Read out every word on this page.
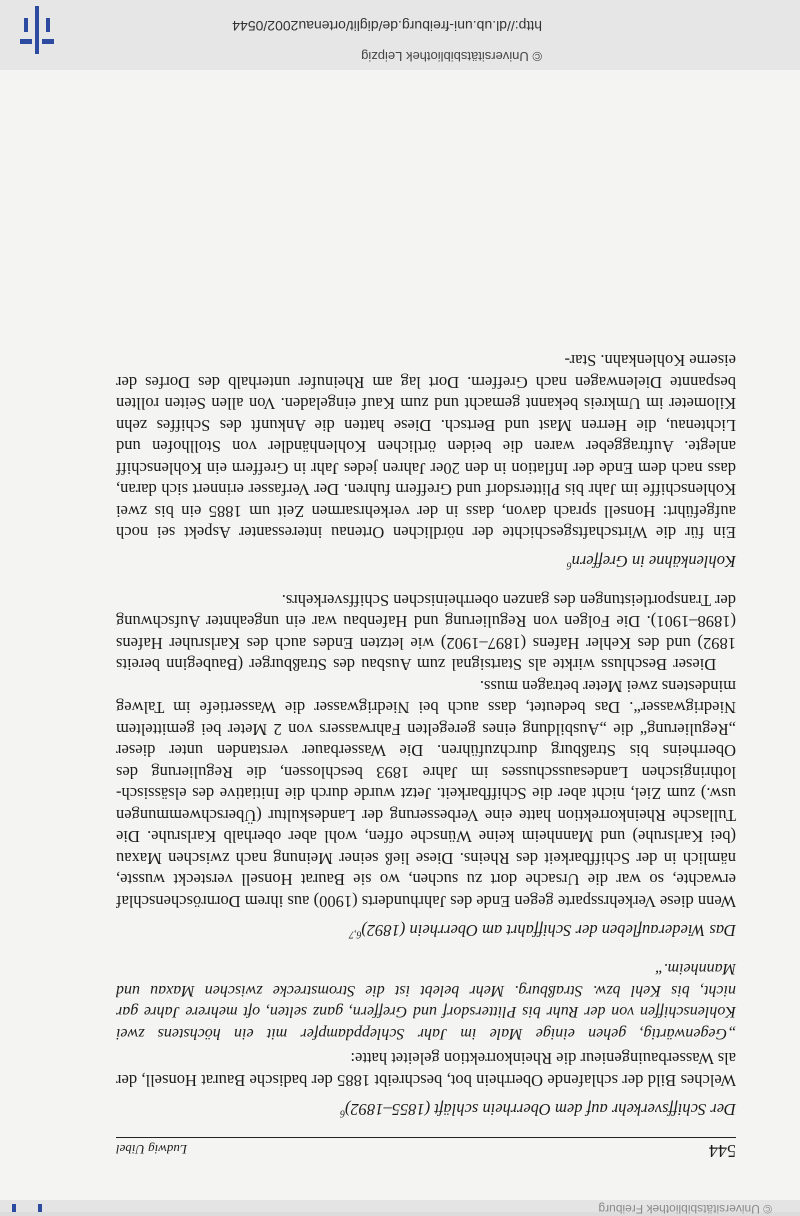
© Universitätsbibliothek Freiburg
544
Ludwig Uibel
Der Schiffsverkehr auf dem Oberrhein schläft (1855–1892)$^6$

Welches Bild der schlafende Oberrhein bot, beschreibt 1885 der badische Baurat Honsell, der als Wasserbauingenieur die Rheinkorrektion geleitet hatte:

„Gegenwärtig, gehen einige Male im Jahr Schleppdampfer mit ein höchstens zwei Kohlenschiffen von der Ruhr bis Plittersdorf und Greffern, ganz selten, oft mehrere Jahre gar nicht, bis Kehl bzw. Straßburg. Mehr belebt ist die Stromstrecke zwischen Maxau und Mannheim.“
Das Wiederaufleben der Schiffahrt am Oberrhein $(1892)^{6,7}$

Wenn diese Verkehrssparte gegen Ende des Jahrhunderts (1900) aus ihrem Dornröschenschlaf erwachte, so war die Ursache dort zu suchen, wo sie Baurat Honsell versteckt wusste, nämlich in der Schiffbarkeit des Rheins. Diese ließ seiner Meinung nach zwischen Maxau (bei Karlsruhe) und Mannheim keine Wünsche offen, wohl aber oberhalb Karlsruhe. Die Tullasche Rheinkorrektion hatte eine Verbesserung der Landeskultur (Überschwemmungen usw.) zum Ziel, nicht aber die Schiffbarkeit. Jetzt wurde durch die Initiative des elsässisch-lothringischen Landesausschusses im Jahre 1893 beschlossen, die Regulierung des Oberrheins bis Straßburg durchzuführen. Die Wasserbauer verstanden unter dieser „Regulierung“ die „Ausbildung eines geregelten Fahrwassers von 2 Meter bei gemitteltem Niedrigwasser“. Das bedeutet, dass auch bei Niedrigwasser die Wassertiefe im Talweg mindestens zwei Meter betragen muss.

Dieser Beschluss wirkte als Startsignal zum Ausbau des Straßburger (Baubeginn bereits 1892) und des Kehler Hafens (1897–1902) wie letzten Endes auch des Karlsruher Hafens (1898–1901). Die Folgen von Regulierung und Hafenbau war ein ungeahnter Aufschwung der Transportleistungen des ganzen oberrheinischen Schiffsverkehrs.

Kohlenkähne in Greffern$^6$

Ein für die Wirtschaftsgeschichte der nördlichen Ortenau interessanter Aspekt sei noch aufgeführt: Honsell sprach davon, dass in der verkehrsarmen Zeit um 1885 ein bis zwei Kohlenschiffe im Jahr bis Plittersdorf und Greffern fuhren. Der Verfasser erinnert sich daran, dass nach dem Ende der Inflation in den 20er Jahren jedes Jahr in Greffern ein Kohlenschiff anlegte. Auftraggeber waren die beiden örtlichen Kohlenhändler von Stollhofen und Lichtenau, die Herren Mast und Bertsch. Diese hatten die Ankunft des Schiffes zehn Kilometer im Umkreis bekannt gemacht und zum Kauf eingeladen. Von allen Seiten rollten bespannte Dielenwagen nach Greffern. Dort lag am Rheinufer unterhalb des Dorfes der eiserne Kohlenkahn. Star-

© Universitätsbibliothek Leipzig
http://dl.ub.uni-freiburg.de/diglit/ortenau2002/0544
